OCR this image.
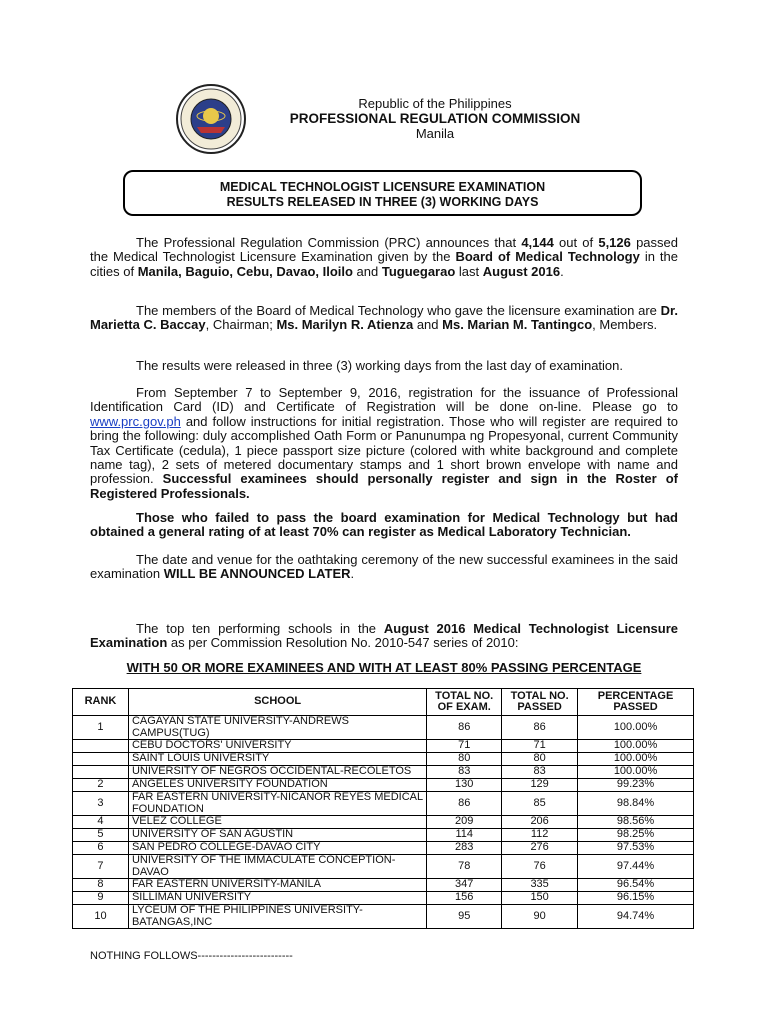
Republic of the Philippines
PROFESSIONAL REGULATION COMMISSION
Manila
MEDICAL TECHNOLOGIST LICENSURE EXAMINATION
RESULTS RELEASED IN THREE (3) WORKING DAYS
The Professional Regulation Commission (PRC) announces that 4,144 out of 5,126 passed the Medical Technologist Licensure Examination given by the Board of Medical Technology in the cities of Manila, Baguio, Cebu, Davao, Iloilo and Tuguegarao last August 2016.
The members of the Board of Medical Technology who gave the licensure examination are Dr. Marietta C. Baccay, Chairman; Ms. Marilyn R. Atienza and Ms. Marian M. Tantingco, Members.
The results were released in three (3) working days from the last day of examination.
From September 7 to September 9, 2016, registration for the issuance of Professional Identification Card (ID) and Certificate of Registration will be done on-line. Please go to www.prc.gov.ph and follow instructions for initial registration. Those who will register are required to bring the following: duly accomplished Oath Form or Panunumpa ng Propesyonal, current Community Tax Certificate (cedula), 1 piece passport size picture (colored with white background and complete name tag), 2 sets of metered documentary stamps and 1 short brown envelope with name and profession. Successful examinees should personally register and sign in the Roster of Registered Professionals.
Those who failed to pass the board examination for Medical Technology but had obtained a general rating of at least 70% can register as Medical Laboratory Technician.
The date and venue for the oathtaking ceremony of the new successful examinees in the said examination WILL BE ANNOUNCED LATER.
The top ten performing schools in the August 2016 Medical Technologist Licensure Examination as per Commission Resolution No. 2010-547 series of 2010:
WITH 50 OR MORE EXAMINEES AND WITH AT LEAST 80% PASSING PERCENTAGE
RANK	SCHOOL	TOTAL NO. OF EXAM.	TOTAL NO. PASSED	PERCENTAGE PASSED
1	CAGAYAN STATE UNIVERSITY-ANDREWS CAMPUS(TUG)	86	86	100.00%
	CEBU DOCTORS' UNIVERSITY	71	71	100.00%
	SAINT LOUIS UNIVERSITY	80	80	100.00%
	UNIVERSITY OF NEGROS OCCIDENTAL-RECOLETOS	83	83	100.00%
2	ANGELES UNIVERSITY FOUNDATION	130	129	99.23%
3	FAR EASTERN UNIVERSITY-NICANOR REYES MEDICAL FOUNDATION	86	85	98.84%
4	VELEZ COLLEGE	209	206	98.56%
5	UNIVERSITY OF SAN AGUSTIN	114	112	98.25%
6	SAN PEDRO COLLEGE-DAVAO CITY	283	276	97.53%
7	UNIVERSITY OF THE IMMACULATE CONCEPTION-DAVAO	78	76	97.44%
8	FAR EASTERN UNIVERSITY-MANILA	347	335	96.54%
9	SILLIMAN UNIVERSITY	156	150	96.15%
10	LYCEUM OF THE PHILIPPINES UNIVERSITY-BATANGAS,INC	95	90	94.74%
NOTHING FOLLOWS--------------------------
